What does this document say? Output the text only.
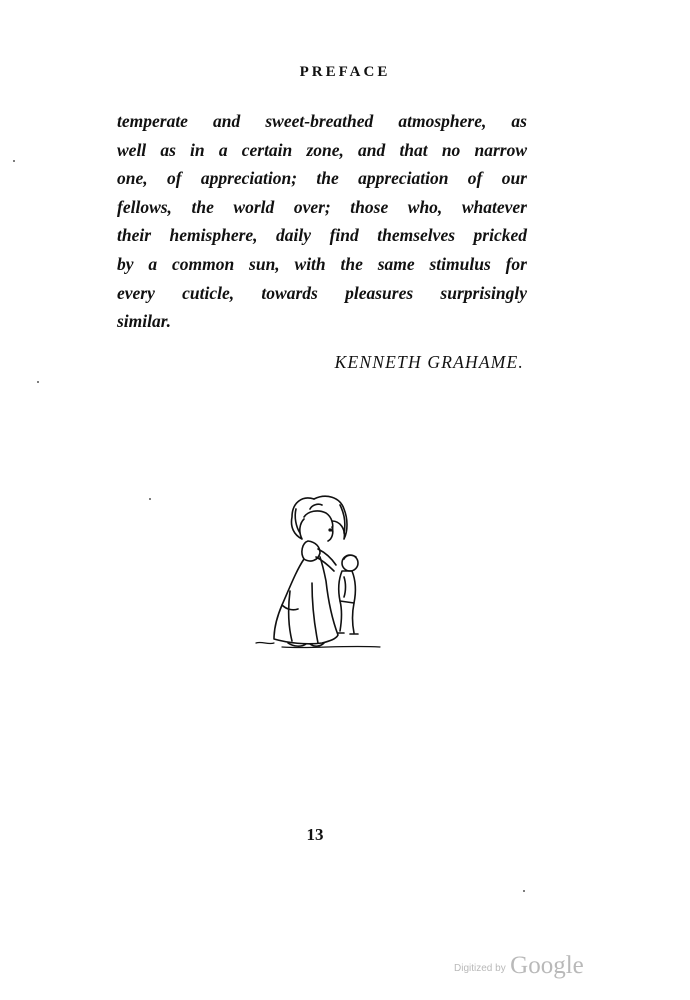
PREFACE
temperate and sweet-breathed atmosphere, as
well as in a certain zone, and that no narrow
one, of appreciation; the appreciation of our
fellows, the world over; those who, whatever
their hemisphere, daily find themselves pricked
by a common sun, with the same stimulus for
every cuticle, towards pleasures surprisingly
similar.
KENNETH GRAHAME.
13
Digitized by Google
